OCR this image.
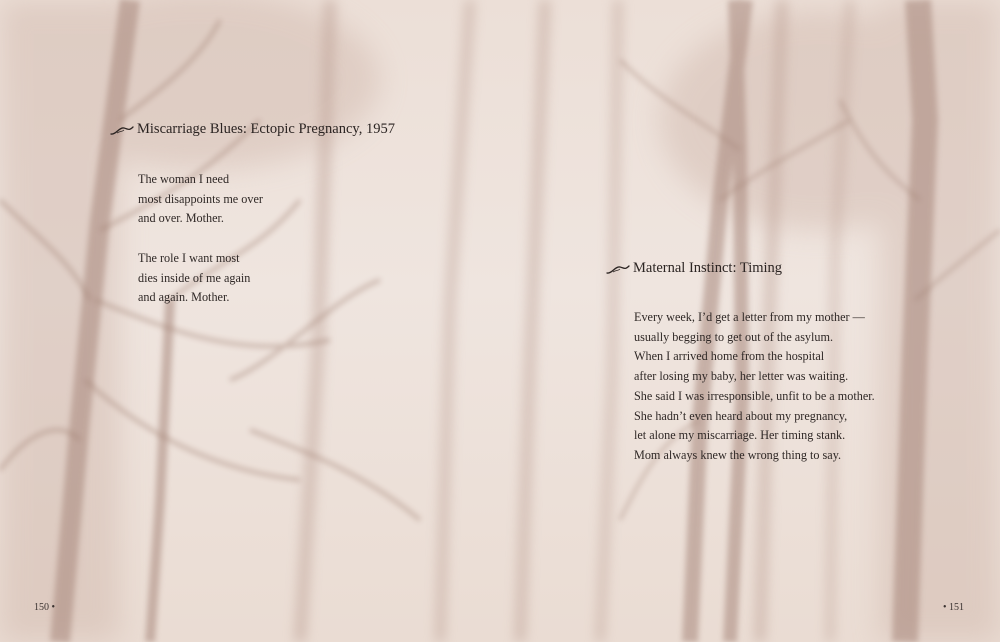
Miscarriage Blues: Ectopic Pregnancy, 1957
The woman I need
most disappoints me over
and over. Mother.
The role I want most
dies inside of me again
and again. Mother.
150 •
Maternal Instinct: Timing
Every week, I’d get a letter from my mother —
usually begging to get out of the asylum.
When I arrived home from the hospital
after losing my baby, her letter was waiting.
She said I was irresponsible, unfit to be a mother.
She hadn’t even heard about my pregnancy,
let alone my miscarriage. Her timing stank.
Mom always knew the wrong thing to say.
• 151
